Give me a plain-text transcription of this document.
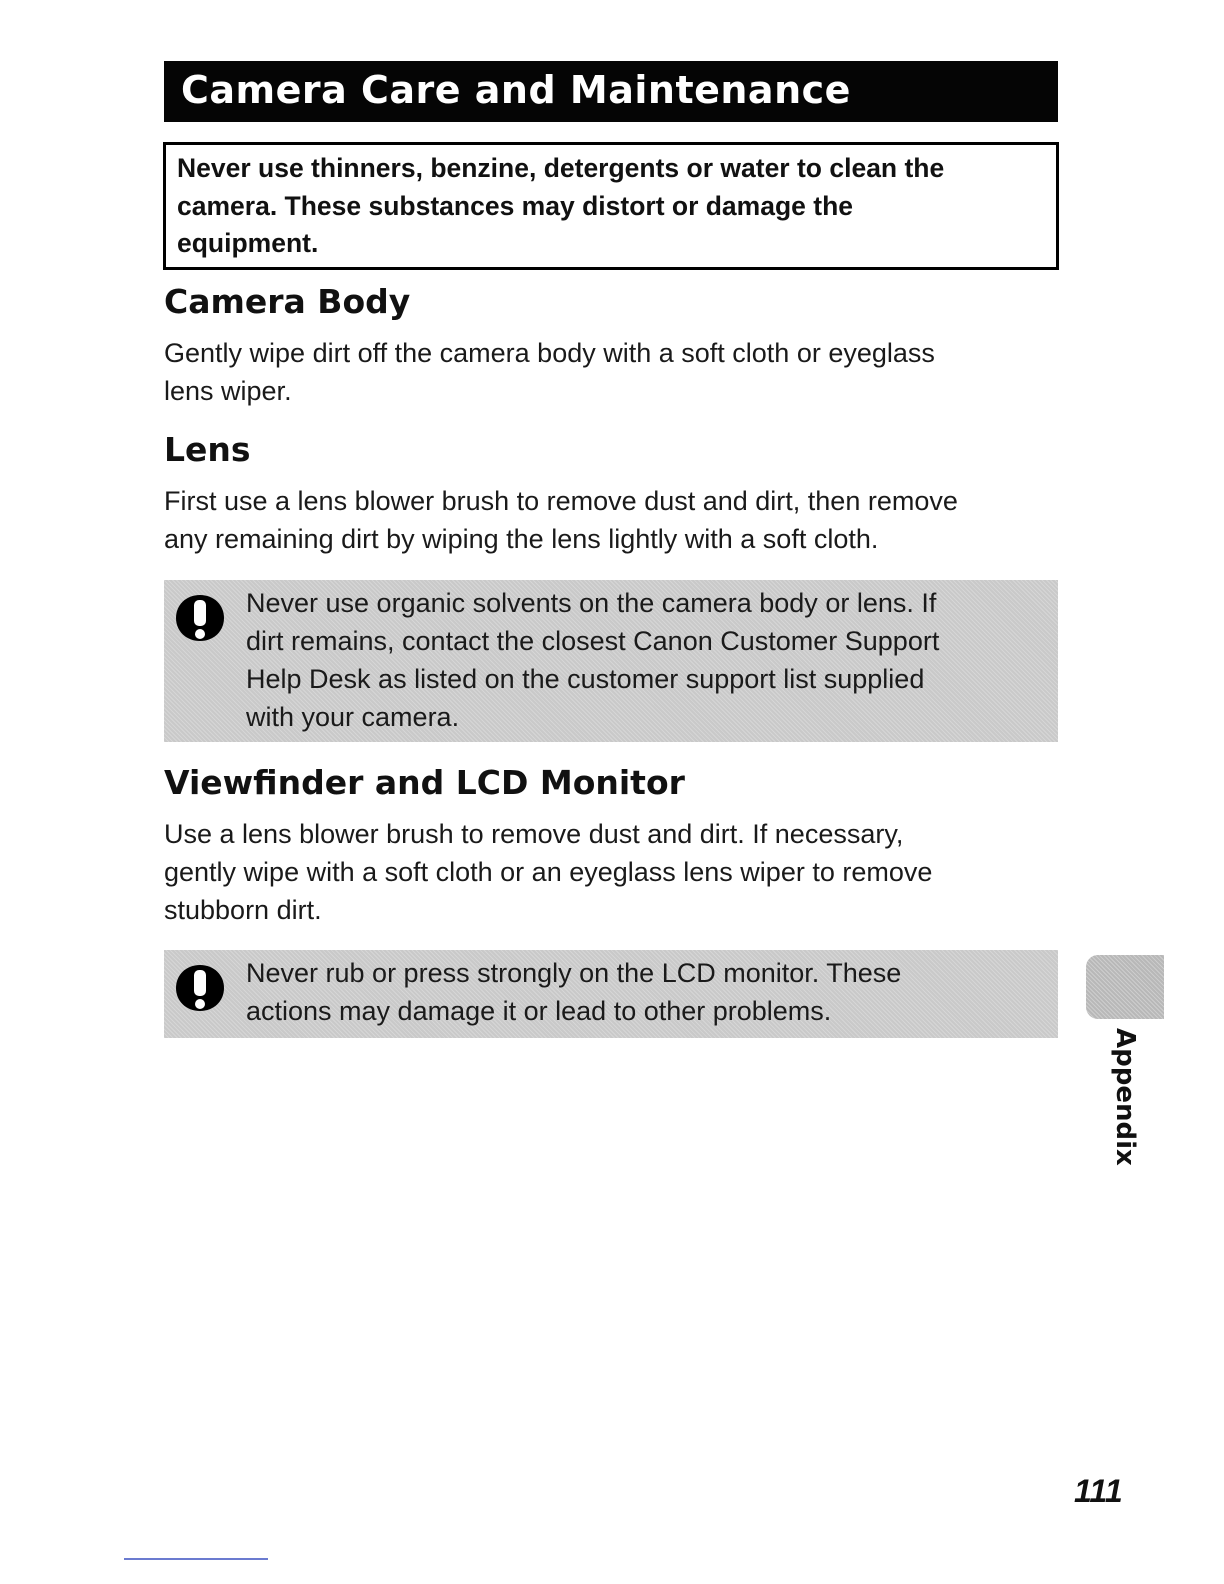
Camera Care and Maintenance
Never use thinners, benzine, detergents or water to clean the
camera. These substances may distort or damage the
equipment.
Camera Body
Gently wipe dirt off the camera body with a soft cloth or eyeglass
lens wiper.
Lens
First use a lens blower brush to remove dust and dirt, then remove
any remaining dirt by wiping the lens lightly with a soft cloth.
Never use organic solvents on the camera body or lens. If
dirt remains, contact the closest Canon Customer Support
Help Desk as listed on the customer support list supplied
with your camera.
Viewfinder and LCD Monitor
Use a lens blower brush to remove dust and dirt. If necessary,
gently wipe with a soft cloth or an eyeglass lens wiper to remove
stubborn dirt.
Never rub or press strongly on the LCD monitor. These
actions may damage it or lead to other problems.
Appendix
111
